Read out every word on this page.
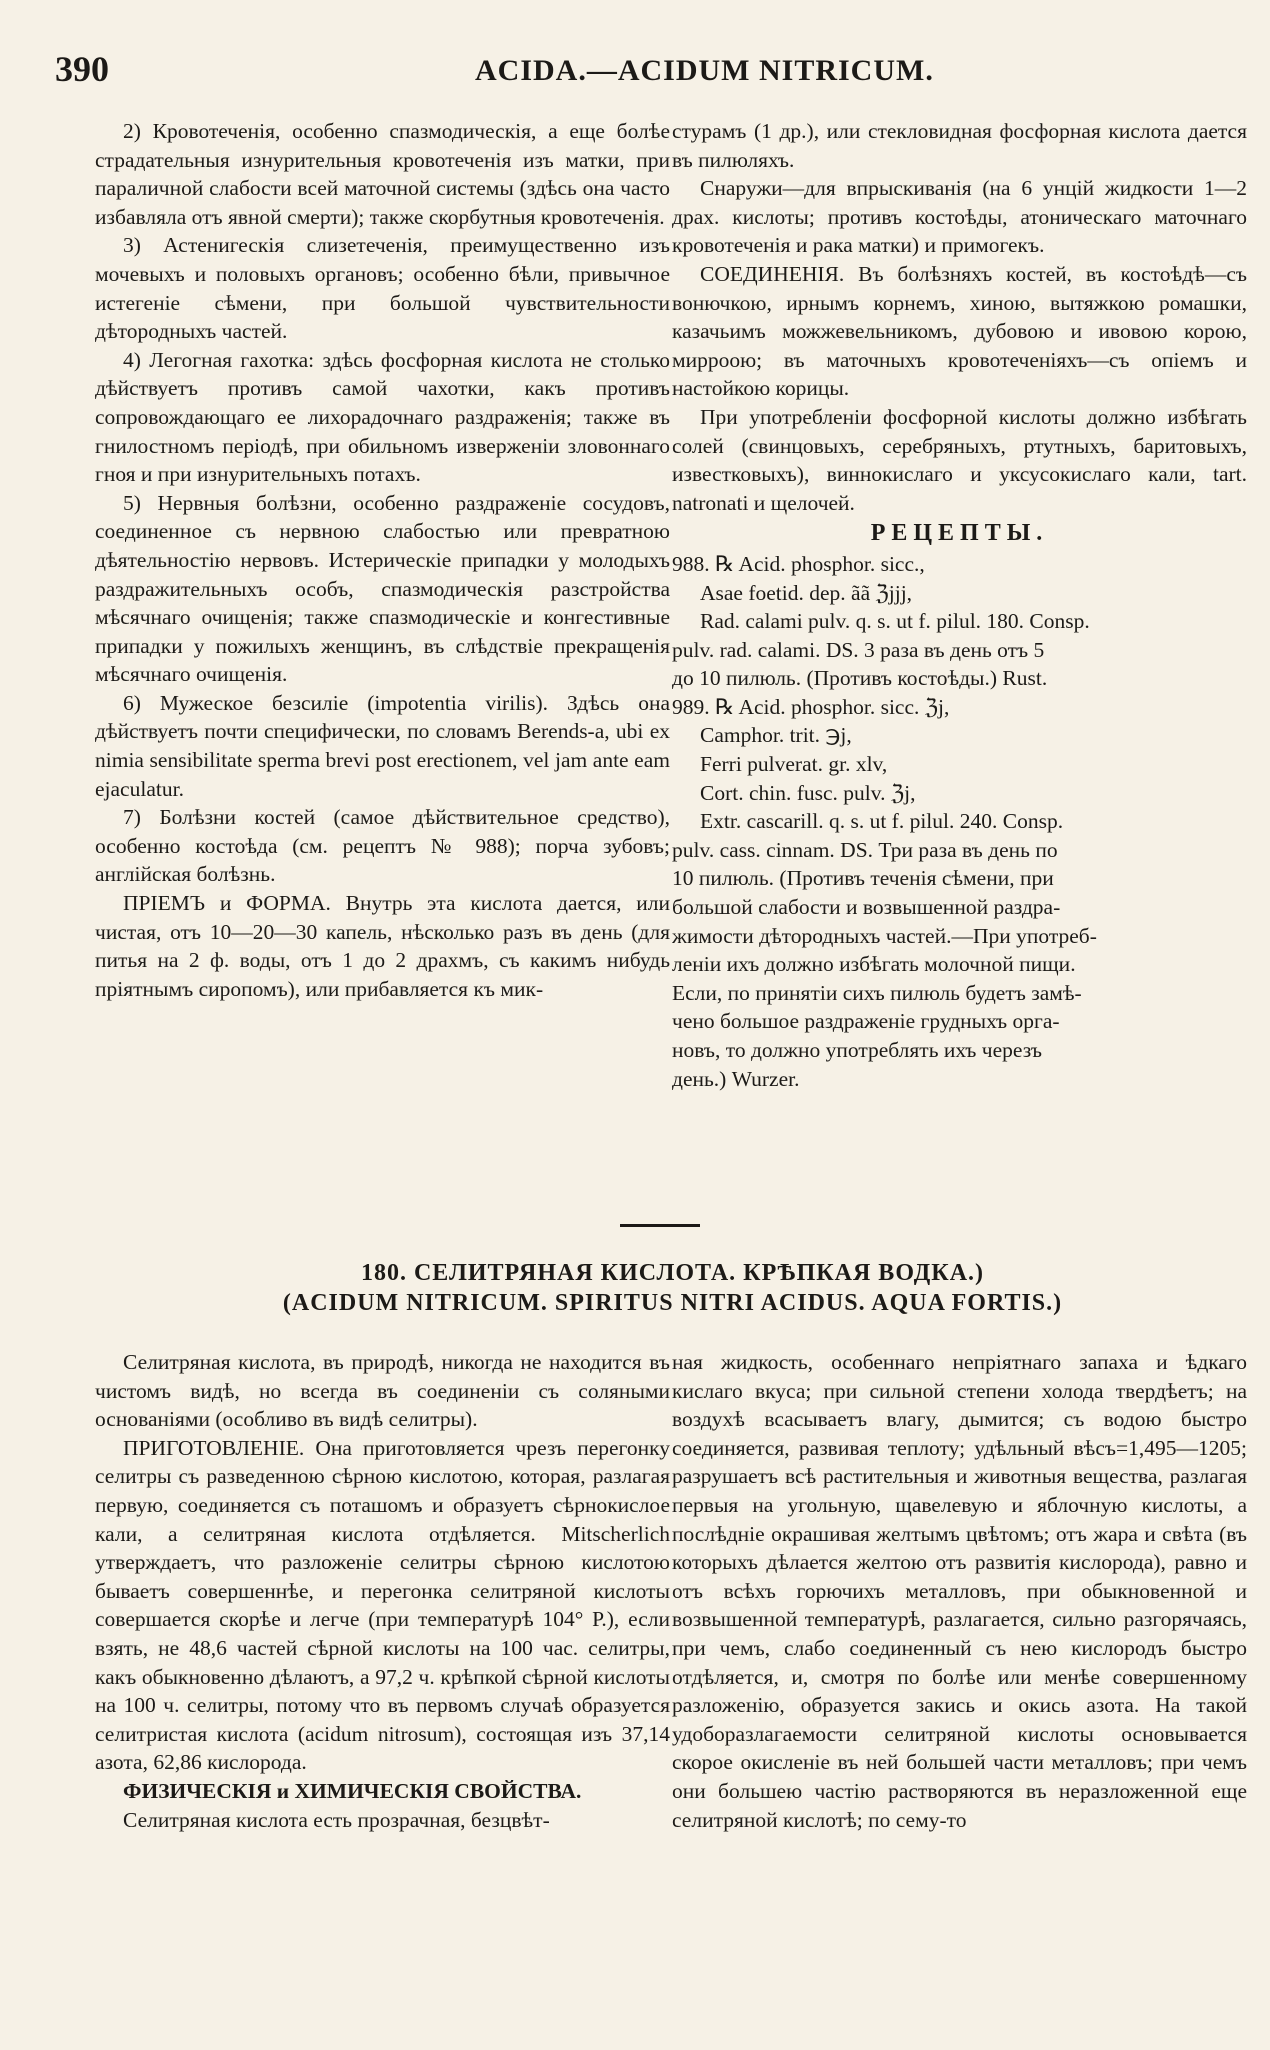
390	ACIDA.—ACIDUM NITRICUM.

2) Кровотеченія, особенно спазмодическія, а еще болѣе страдательныя изнурительныя кровотеченія изъ матки, при параличной слабости всей маточной системы (здѣсь она часто избавляла отъ явной смерти); также скорбутныя кровотеченія.

3) Астенигескія слизетеченія, преимущественно изъ мочевыхъ и половыхъ органовъ; особенно бѣли, привычное истегеніе сѣмени, при большой чувствительности дѣтородныхъ частей.

4) Легогная гахотка: здѣсь фосфорная кислота не столько дѣйствуетъ противъ самой чахотки, какъ противъ сопровождающаго ее лихорадочнаго раздраженія; также въ гнилостномъ періодѣ, при обильномъ изверженіи зловоннаго гноя и при изнурительныхъ потахъ.

5) Нервныя болѣзни, особенно раздраженіе сосудовъ, соединенное съ нервною слабостью или превратною дѣятельностію нервовъ. Истерическіе припадки у молодыхъ раздражительныхъ особъ, спазмодическія разстройства мѣсячнаго очищенія; также спазмодическіе и конгестивные припадки у пожилыхъ женщинъ, въ слѣдствіе прекращенія мѣсячнаго очищенія.

6) Мужеское безсиліе (impotentia virilis). Здѣсь она дѣйствуетъ почти специфически, по словамъ Berends-a, ubi ex nimia sensibilitate sperma brevi post erectionem, vel jam ante eam ejaculatur.

7) Болѣзни костей (самое дѣйствительное средство), особенно костоѣда (см. рецептъ № 988); порча зубовъ; англійская болѣзнь.

ПРІЕМЪ и ФОРМА. Внутрь эта кислота дается, или чистая, отъ 10—20—30 капель, нѣсколько разъ въ день (для питья на 2 ф. воды, отъ 1 до 2 драхмъ, съ какимъ нибудь пріятнымъ сиропомъ), или прибавляется къ мик-

стурамъ (1 др.), или стекловидная фосфорная кислота дается въ пилюляхъ.

Снаружи—для впрыскиванія (на 6 унцій жидкости 1—2 драх. кислоты; противъ костоѣды, атоническаго маточнаго кровотеченія и рака матки) и примогекъ.

СОЕДИНЕНІЯ. Въ болѣзняхъ костей, въ костоѣдѣ—съ вонючкою, ирнымъ корнемъ, хиною, вытяжкою ромашки, казачьимъ можжевельникомъ, дубовою и ивовою корою, мирроою; въ маточныхъ кровотеченіяхъ—съ опіемъ и настойкою корицы.

При употребленіи фосфорной кислоты должно избѣгать солей (свинцовыхъ, серебряныхъ, ртутныхъ, баритовыхъ, известковыхъ), виннокислаго и уксусокислаго кали, tart. natronati и щелочей.

РЕЦЕПТЫ.

988. ℞ Acid. phosphor. sicc.,

Asae foetid. dep. ãã ℨjjj,

Rad. calami pulv. q. s. ut f. pilul. 180. Consp.

pulv. rad. calami. DS. 3 раза въ день отъ 5

до 10 пилюль. (Противъ костоѣды.) Rust.

989. ℞ Acid. phosphor. sicc. ℨj,

Camphor. trit. ℈j,

Ferri pulverat. gr. xlv,

Cort. chin. fusc. pulv. ℨj,

Extr. cascarill. q. s. ut f. pilul. 240. Consp.

pulv. cass. cinnam. DS. Три раза въ день по

10 пилюль. (Противъ теченія сѣмени, при

большой слабости и возвышенной раздра-

жимости дѣтородныхъ частей.—При употреб-

леніи ихъ должно избѣгать молочной пищи.

Если, по принятіи сихъ пилюль будетъ замѣ-

чено большое раздраженіе грудныхъ орга-

новъ, то должно употреблять ихъ черезъ

день.) Wurzer.

180. СЕЛИТРЯНАЯ КИСЛОТА. КРѢПКАЯ ВОДКА.)
(ACIDUM NITRICUM. SPIRITUS NITRI ACIDUS. AQUA FORTIS.)

Селитряная кислота, въ природѣ, никогда не находится въ чистомъ видѣ, но всегда въ соединеніи съ соляными основаніями (особливо въ видѣ селитры).

ПРИГОТОВЛЕНІЕ. Она приготовляется чрезъ перегонку селитры съ разведенною сѣрною кислотою, которая, разлагая первую, соединяется съ поташомъ и образуетъ сѣрнокислое кали, а селитряная кислота отдѣляется. Mitscherlich утверждаетъ, что разложеніе селитры сѣрною кислотою бываетъ совершеннѣе, и перегонка селитряной кислоты совершается скорѣе и легче (при температурѣ 104° Р.), если взять, не 48,6 частей сѣрной кислоты на 100 час. селитры, какъ обыкновенно дѣлаютъ, а 97,2 ч. крѣпкой сѣрной кислоты на 100 ч. селитры, потому что въ первомъ случаѣ образуется селитристая кислота (acidum nitrosum), состоящая изъ 37,14 азота, 62,86 кислорода.

ФИЗИЧЕСКІЯ и ХИМИЧЕСКІЯ СВОЙСТВА.

Селитряная кислота есть прозрачная, безцвѣт-

ная жидкость, особеннаго непріятнаго запаха и ѣдкаго кислаго вкуса; при сильной степени холода твердѣетъ; на воздухѣ всасываетъ влагу, дымится; съ водою быстро соединяется, развивая теплоту; удѣльный вѣсъ=1,495—1205; разрушаетъ всѣ растительныя и животныя вещества, разлагая первыя на угольную, щавелевую и яблочную кислоты, а послѣдніе окрашивая желтымъ цвѣтомъ; отъ жара и свѣта (въ которыхъ дѣлается желтою отъ развитія кислорода), равно и отъ всѣхъ горючихъ металловъ, при обыкновенной и возвышенной температурѣ, разлагается, сильно разгорячаясь, при чемъ, слабо соединенный съ нею кислородъ быстро отдѣляется, и, смотря по болѣе или менѣе совершенному разложенію, образуется закись и окись азота. На такой удоборазлагаемости селитряной кислоты основывается скорое окисленіе въ ней большей части металловъ; при чемъ они большею частію растворяются въ неразложенной еще селитряной кислотѣ; по сему-то
